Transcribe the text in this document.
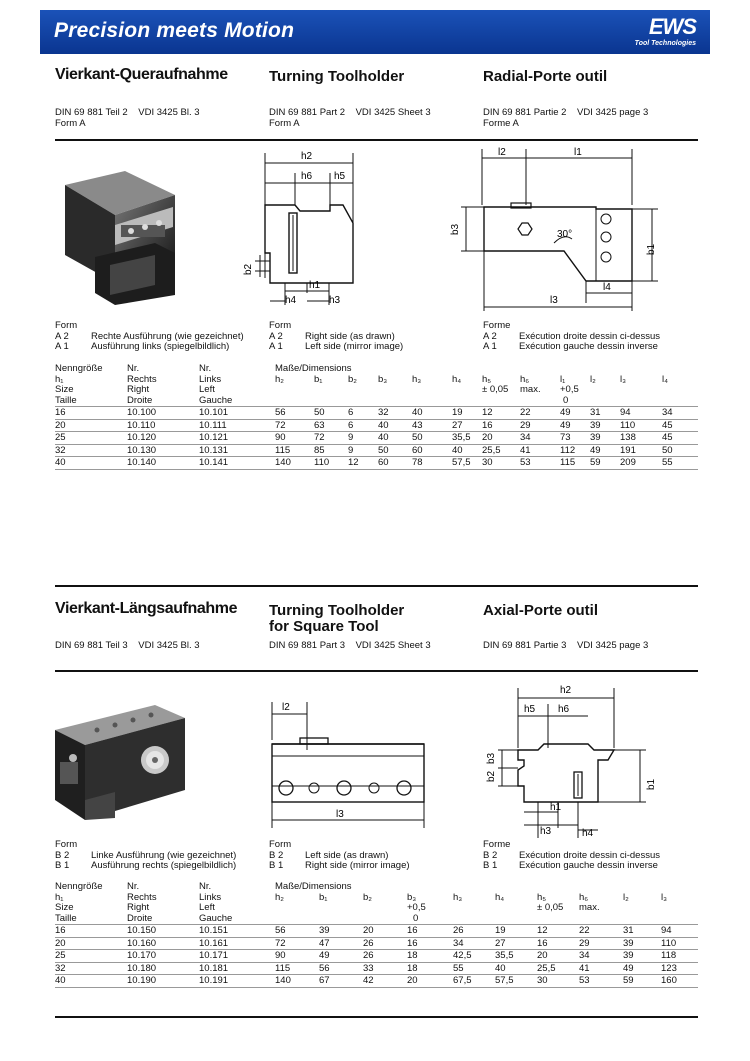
Precision meets Motion	EWS
Tool Technologies
Vierkant-Queraufnahme	Turning Toolholder	Radial-Porte outil
DIN 69 881 Teil 2    VDI 3425 Bl. 3
Form A
DIN 69 881 Part 2    VDI 3425 Sheet 3
Form A
DIN 69 881 Partie 2    VDI 3425 page 3
Forme A
h2
h6 h5
b2
h1
h4	h3
l2	l1
b3	30°
b1
l4
l3
Form
A 2	Rechte Ausführung (wie gezeichnet)
A 1	Ausführung links (spiegelbildlich)
Form
A 2	Right side (as drawn)
A 1	Left side (mirror image)
Forme
A 2	Exécution droite dessin ci-dessus
A 1	Exécution gauche dessin inverse
Nenngröße	Nr.	Nr.	Maße/Dimensions											
h₁	Rechts	Links	h₂	b₁	b₂	b₃	h₃	h₄	h₅	h₆	l₁	l₂	l₃	l₄
Size	Right	Left							± 0,05	max.	+0,5			
Taille	Droite	Gauche									0			
16	10.100	10.101	56	50	6	32	40	19	12	22	49	31	94	34
20	10.110	10.111	72	63	6	40	43	27	16	29	49	39	110	45
25	10.120	10.121	90	72	9	40	50	35,5	20	34	73	39	138	45
32	10.130	10.131	115	85	9	50	60	40	25,5	41	112	49	191	50
40	10.140	10.141	140	110	12	60	78	57,5	30	53	115	59	209	55
Vierkant-Längsaufnahme Turning Toolholder
for Square Tool
Axial-Porte outil
DIN 69 881 Teil 3    VDI 3425 Bl. 3	DIN 69 881 Part 3    VDI 3425 Sheet 3	DIN 69 881 Partie 3    VDI 3425 page 3
l2
l3
h2
h5 h6
b3
b2
b1
h1
h3	h4
Form
B 2	Linke Ausführung (wie gezeichnet)
B 1	Ausführung rechts (spiegelbildlich)
Form
B 2	Left side (as drawn)
B 1	Right side (mirror image)
Forme
B 2	Exécution droite dessin ci-dessus
B 1	Exécution gauche dessin inverse
Nenngröße	Nr.	Nr.	Maße/Dimensions									
h₁	Rechts	Links	h₂	b₁	b₂	b₃	h₃	h₄	h₅	h₆	l₂	l₃
Size	Right	Left				+0,5			± 0,05	max.		
Taille	Droite	Gauche				0						
16	10.150	10.151	56	39	20	16	26	19	12	22	31	94
20	10.160	10.161	72	47	26	16	34	27	16	29	39	110
25	10.170	10.171	90	49	26	18	42,5	35,5	20	34	39	118
32	10.180	10.181	115	56	33	18	55	40	25,5	41	49	123
40	10.190	10.191	140	67	42	20	67,5	57,5	30	53	59	160
